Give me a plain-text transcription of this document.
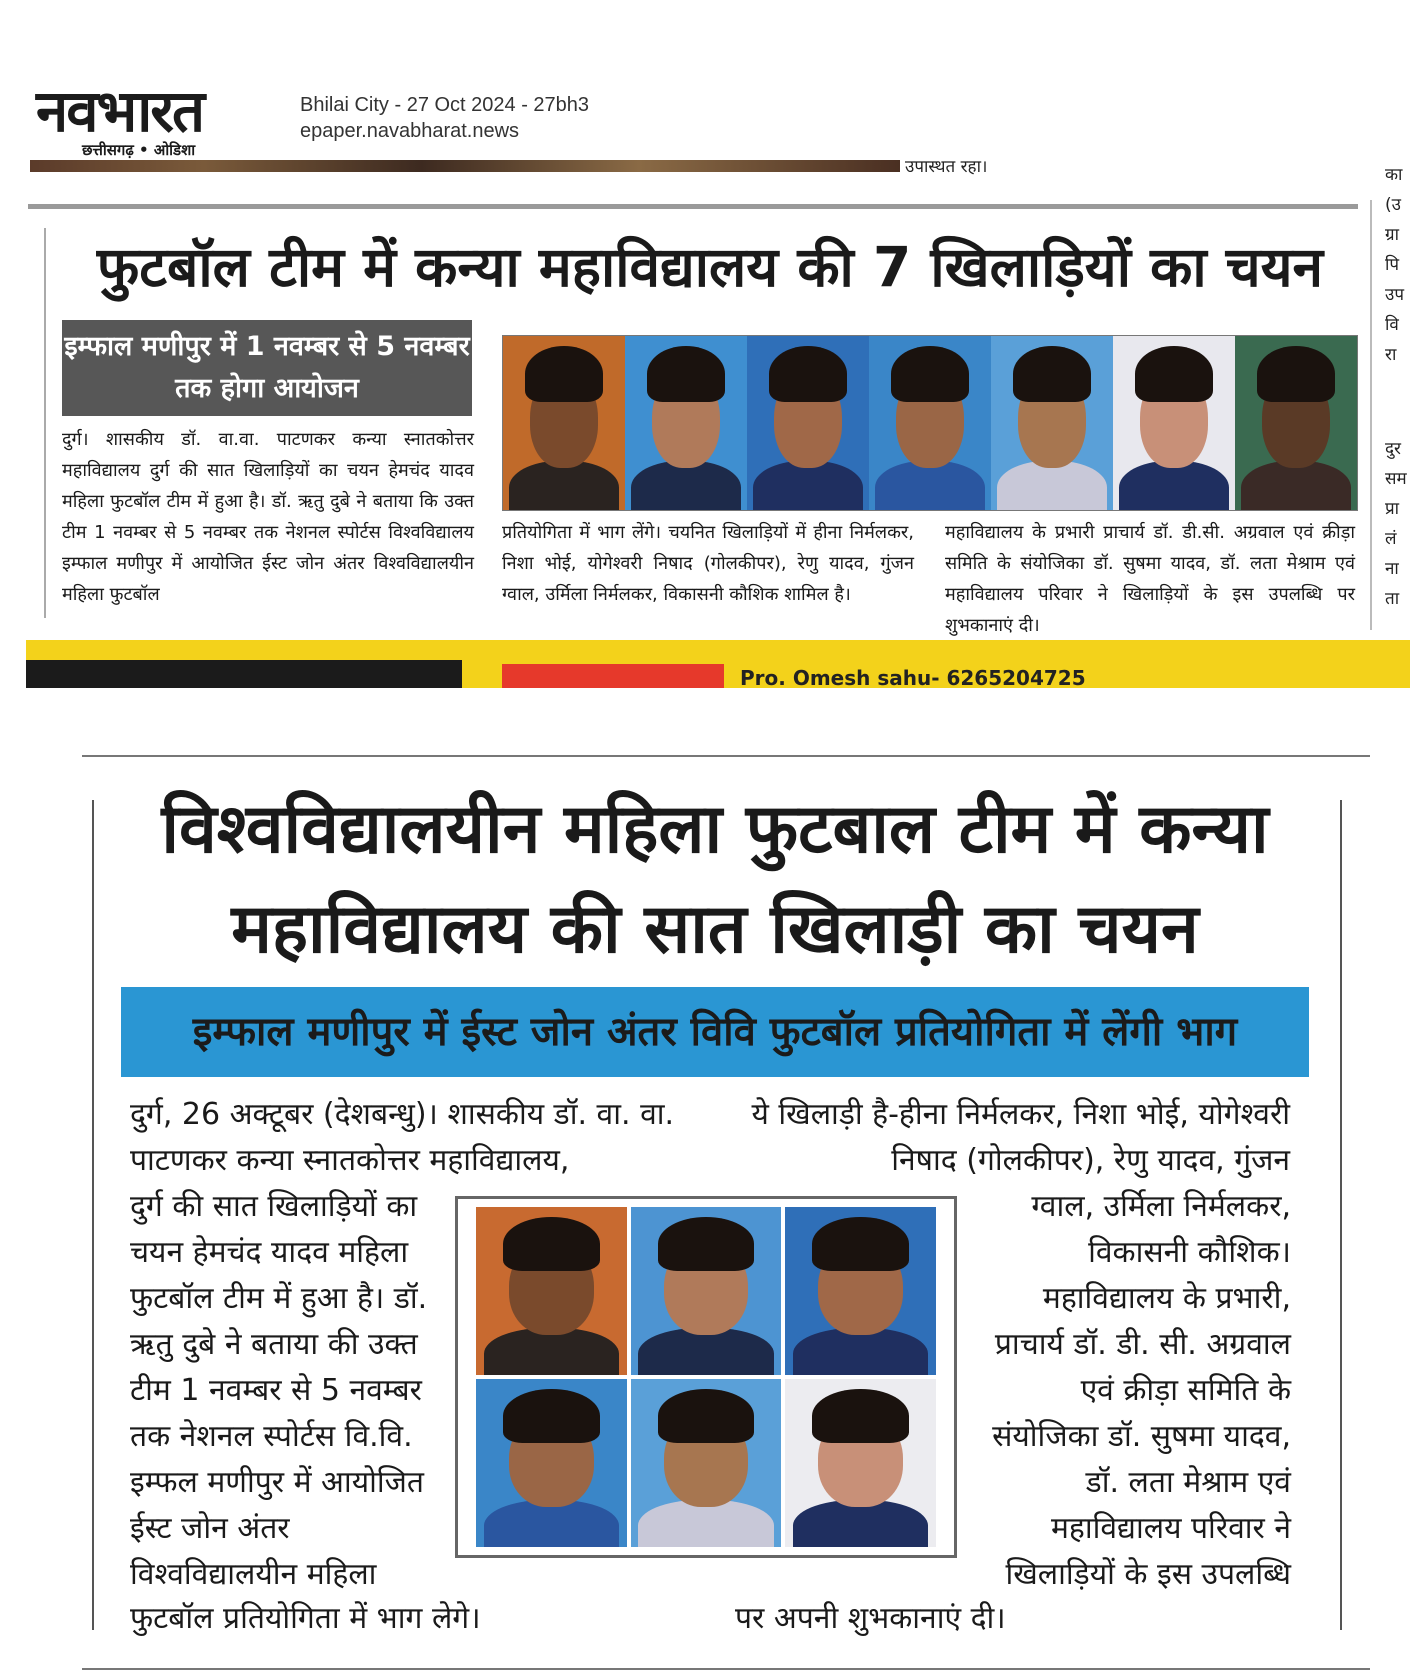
नवभारत
छत्तीसगढ़ • ओडिशा
Bhilai City - 27 Oct 2024 - 27bh3
epaper.navabharat.news
उपास्थत रहा।	का
(उ
ग्रा
पि
उप
वि
रा
दुर
सम
प्रा
लं
ना
ता
फुटबॉल टीम में कन्या महाविद्यालय की 7 खिलाड़ियों का चयन
इम्फाल मणीपुर में 1 नवम्बर से 5 नवम्बर तक होगा आयोजन
दुर्ग। शासकीय डॉ. वा.वा. पाटणकर कन्या स्नातकोत्तर महाविद्यालय दुर्ग की सात खिलाड़ियों का चयन हेमचंद यादव महिला फुटबॉल टीम में हुआ है। डॉ. ऋतु दुबे ने बताया कि उक्त टीम 1 नवम्बर से 5 नवम्बर तक नेशनल स्पोर्टस विश्वविद्यालय इम्फाल मणीपुर में आयोजित ईस्ट जोन अंतर विश्वविद्यालयीन महिला फुटबॉल
प्रतियोगिता में भाग लेंगे। चयनित खिलाड़ियों में हीना निर्मलकर, निशा भोई, योगेश्वरी निषाद (गोलकीपर), रेणु यादव, गुंजन ग्वाल, उर्मिला निर्मलकर, विकासनी कौशिक शामिल है।
महाविद्यालय के प्रभारी प्राचार्य डॉ. डी.सी. अग्रवाल एवं क्रीड़ा समिति के संयोजिका डॉ. सुषमा यादव, डॉ. लता मेश्राम एवं महाविद्यालय परिवार ने खिलाड़ियों के इस उपलब्धि पर शुभकानाएं दी।
Pro. Omesh sahu- 6265204725
विश्वविद्यालयीन महिला फुटबाल टीम में कन्या महाविद्यालय की सात खिलाड़ी का चयन
इम्फाल मणीपुर में ईस्ट जोन अंतर विवि फुटबॉल प्रतियोगिता में लेंगी भाग
दुर्ग, 26 अक्टूबर (देशबन्धु)। शासकीय डॉ. वा. वा. पाटणकर कन्या स्नातकोत्तर महाविद्यालय,
ये खिलाड़ी है-हीना निर्मलकर, निशा भोई, योगेश्वरी निषाद (गोलकीपर), रेणु यादव, गुंजन
दुर्ग की सात खिलाड़ियों का चयन हेमचंद यादव महिला फुटबॉल टीम में हुआ है। डॉ. ऋतु दुबे ने बताया की उक्त टीम 1 नवम्बर से 5 नवम्बर तक नेशनल स्पोर्टस वि.वि. इम्फल मणीपुर में आयोजित ईस्ट जोन अंतर विश्वविद्यालयीन महिला
ग्वाल, उर्मिला निर्मलकर, विकासनी कौशिक। महाविद्यालय के प्रभारी, प्राचार्य डॉ. डी. सी. अग्रवाल एवं क्रीड़ा समिति के संयोजिका डॉ. सुषमा यादव, डॉ. लता मेश्राम एवं महाविद्यालय परिवार ने खिलाड़ियों के इस उपलब्धि
फुटबॉल प्रतियोगिता में भाग लेगे।	पर अपनी शुभकानाएं दी।
